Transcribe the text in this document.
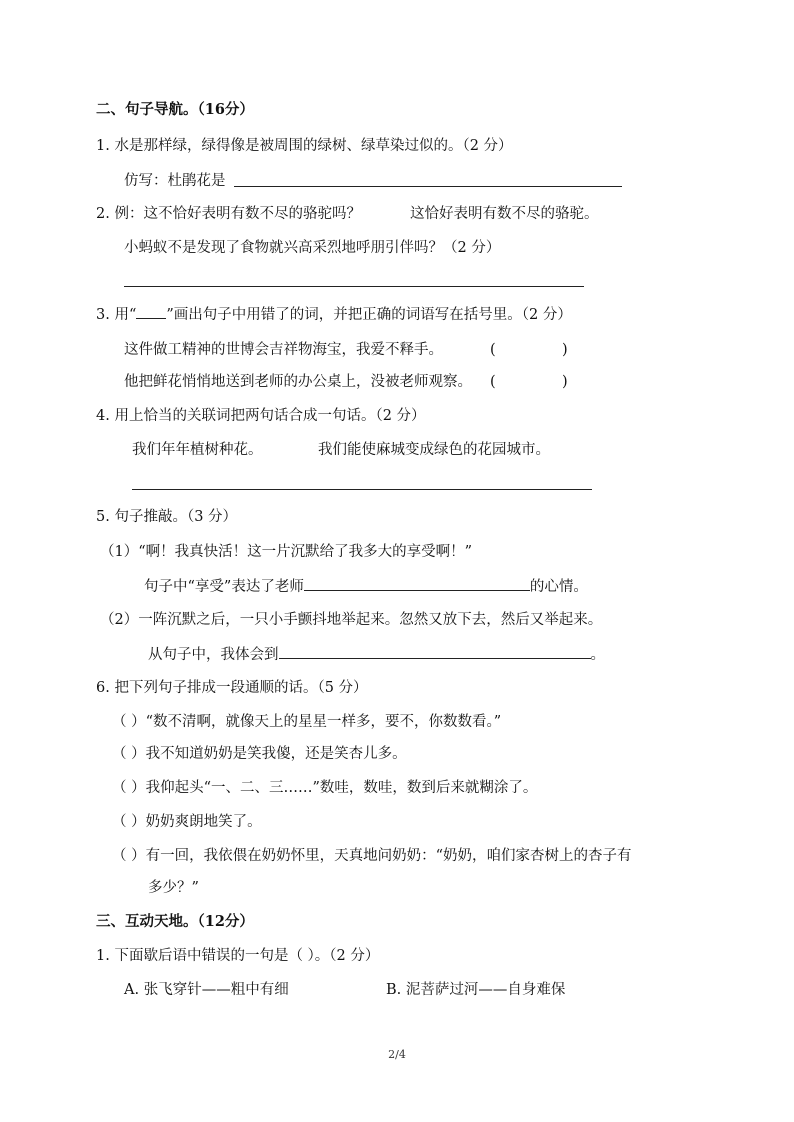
二、句子导航。（16分）
1. 水是那样绿，绿得像是被周围的绿树、绿草染过似的。（2 分）
仿写：杜鹃花是
2. 例：这不恰好表明有数不尽的骆驼吗？	这恰好表明有数不尽的骆驼。
小蚂蚁不是发现了食物就兴高采烈地呼朋引伴吗？（2 分）
3. 用“ ”画出句子中用错了的词，并把正确的词语写在括号里。（2 分）
这件做工精神的世博会吉祥物海宝，我爱不释手。	(	)
他把鲜花悄悄地送到老师的办公桌上，没被老师观察。 (	)
4. 用上恰当的关联词把两句话合成一句话。（2 分）
我们年年植树种花。	我们能使麻城变成绿色的花园城市。
5. 句子推敲。（3 分）
（1）“啊！我真快活！这一片沉默给了我多大的享受啊！”
句子中“享受”表达了老师	的心情。
（2）一阵沉默之后，一只小手颤抖地举起来。忽然又放下去，然后又举起来。
从句子中，我体会到	。
6. 把下列句子排成一段通顺的话。（5 分）
（ ）“数不清啊，就像天上的星星一样多，要不，你数数看。”
（ ）我不知道奶奶是笑我傻，还是笑杏儿多。
（ ）我仰起头“一、二、三……”数哇，数哇，数到后来就糊涂了。
（ ）奶奶爽朗地笑了。
（ ）有一回，我依偎在奶奶怀里，天真地问奶奶：“奶奶，咱们家杏树上的杏子有
多少？”
三、互动天地。（12分）
1. 下面歇后语中错误的一句是（ ）。（2 分）
A. 张飞穿针——粗中有细	B. 泥菩萨过河——自身难保
2/4
